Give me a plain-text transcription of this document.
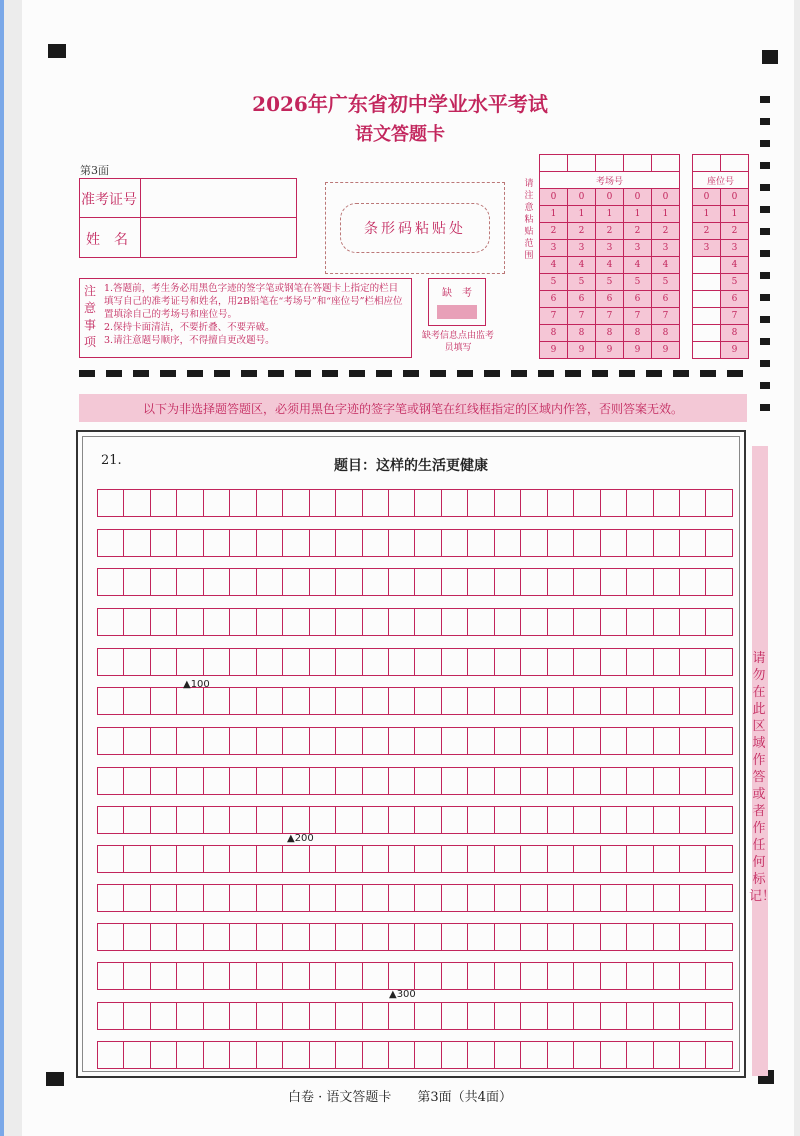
2026年广东省初中学业水平考试
语文答题卡
第3面
准考证号
姓　名
条形码粘贴处
注意事项
1.答题前，考生务必用黑色字迹的签字笔或钢笔在答题卡上指定的栏目填写自己的准考证号和姓名，用2B铅笔在“考场号”和“座位号”栏相应位置填涂自己的考场号和座位号。
2.保持卡面清洁，不要折叠、不要弄破。
3.请注意题号顺序，不得擅自更改题号。
缺　考
缺考信息点由监考员填写
请注意粘贴范围

考场号				
0	0	0	0	0
1	1	1	1	1
2	2	2	2	2
3	3	3	3	3
4	4	4	4	4
5	5	5	5	5
6	6	6	6	6
7	7	7	7	7
8	8	8	8	8
9	9	9	9	9

座位号	
0	0
1	1
2	2
3	3
	4
	5
	6
	7
	8
	9
以下为非选择题答题区，必须用黑色字迹的签字笔或钢笔在红线框指定的区域内作答，否则答案无效。
请勿在此区域作答或者作任何标记！
21.	题目：这样的生活更健康
▲100
▲200
▲300
白卷 · 语文答题卡　　第3面（共4面）
